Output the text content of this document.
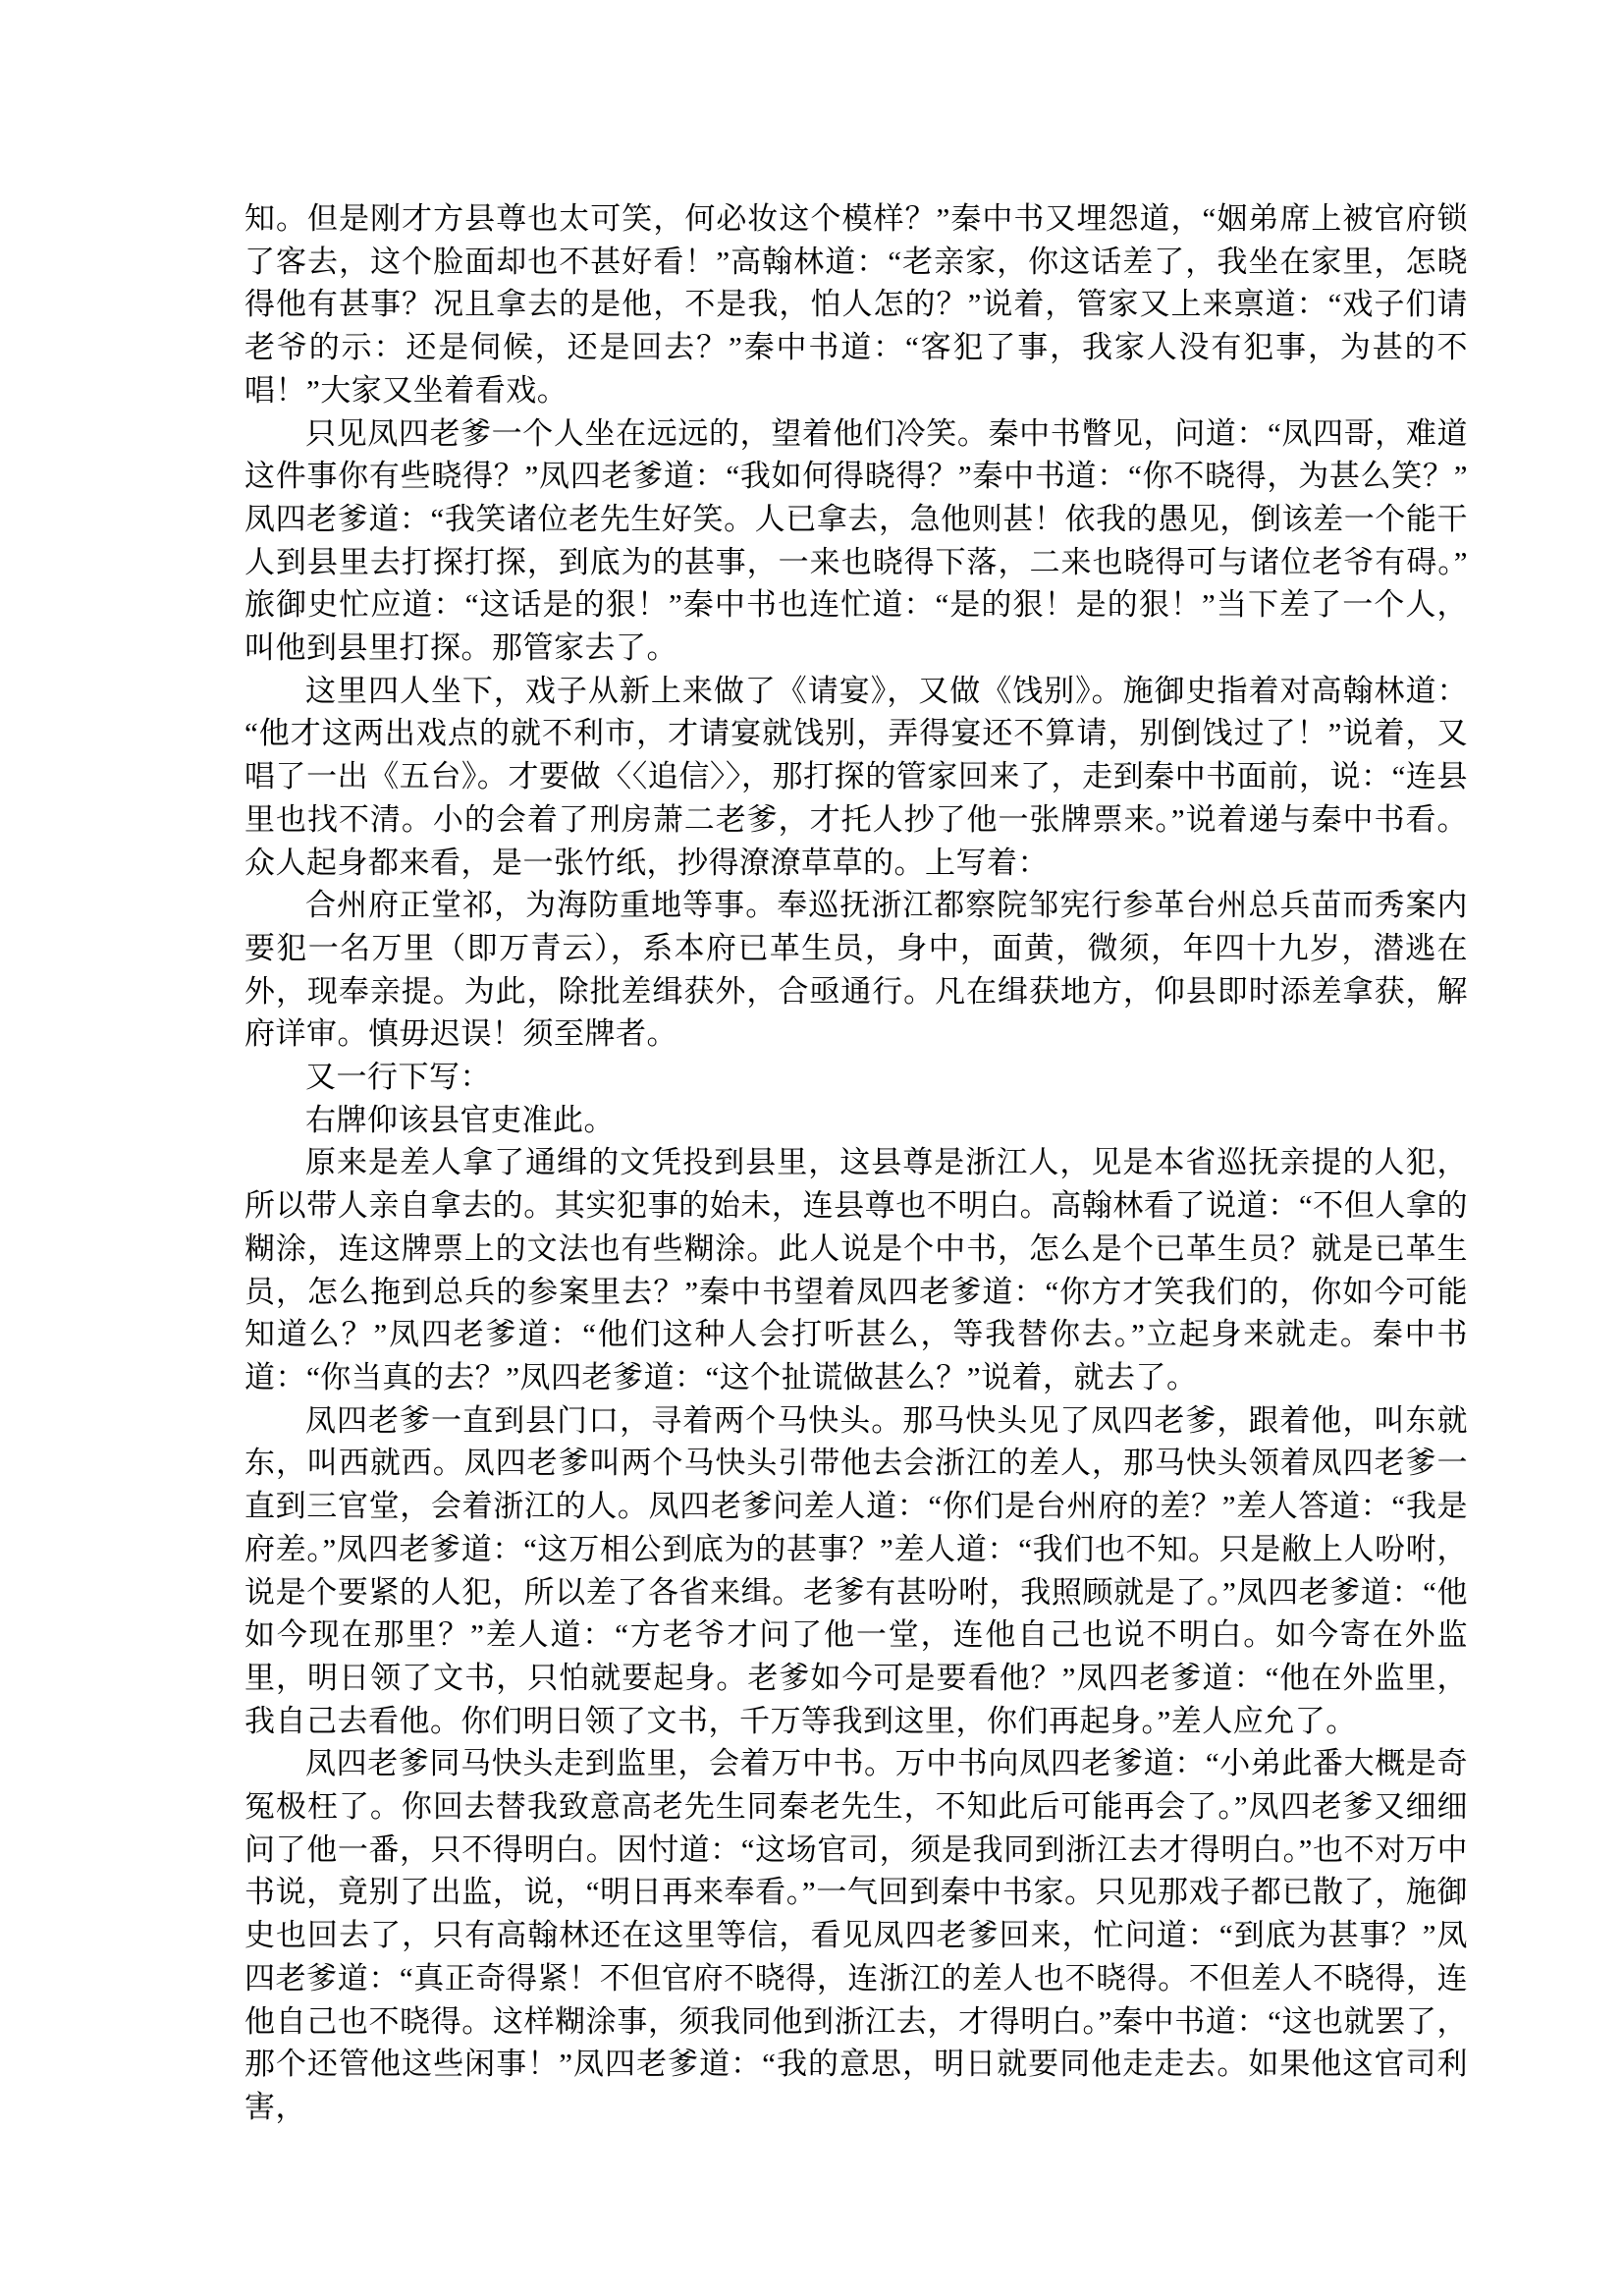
知。但是刚才方县尊也太可笑，何必妆这个模样？”秦中书又埋怨道，“姻弟席上被官府锁了客去，这个脸面却也不甚好看！”高翰林道：“老亲家，你这话差了，我坐在家里，怎晓得他有甚事？况且拿去的是他，不是我，怕人怎的？”说着，管家又上来禀道：“戏子们请老爷的示：还是伺候，还是回去？”秦中书道：“客犯了事，我家人没有犯事，为甚的不唱！”大家又坐着看戏。

只见凤四老爹一个人坐在远远的，望着他们冷笑。秦中书瞥见，问道：“凤四哥，难道这件事你有些晓得？”凤四老爹道：“我如何得晓得？”秦中书道：“你不晓得，为甚么笑？”凤四老爹道：“我笑诸位老先生好笑。人已拿去，急他则甚！依我的愚见，倒该差一个能干人到县里去打探打探，到底为的甚事，一来也晓得下落，二来也晓得可与诸位老爷有碍。”旅御史忙应道：“这话是的狠！”秦中书也连忙道：“是的狠！是的狠！”当下差了一个人，叫他到县里打探。那管家去了。

这里四人坐下，戏子从新上来做了《请宴》，又做《饯别》。施御史指着对高翰林道：“他才这两出戏点的就不利市，才请宴就饯别，弄得宴还不算请，别倒饯过了！”说着，又唱了一出《五台》。才要做〈〈追信〉〉，那打探的管家回来了，走到秦中书面前，说：“连县里也找不清。小的会着了刑房萧二老爹，才托人抄了他一张牌票来。”说着递与秦中书看。众人起身都来看，是一张竹纸，抄得潦潦草草的。上写着：

合州府正堂祁，为海防重地等事。奉巡抚浙江都察院邹宪行参革台州总兵苗而秀案内要犯一名万里（即万青云），系本府已革生员，身中，面黄，微须，年四十九岁，潜逃在外，现奉亲提。为此，除批差缉获外，合亟通行。凡在缉获地方，仰县即时添差拿获，解府详审。慎毋迟误！须至牌者。

又一行下写：

右牌仰该县官吏准此。

原来是差人拿了通缉的文凭投到县里，这县尊是浙江人，见是本省巡抚亲提的人犯，所以带人亲自拿去的。其实犯事的始未，连县尊也不明白。高翰林看了说道：“不但人拿的糊涂，连这牌票上的文法也有些糊涂。此人说是个中书，怎么是个已革生员？就是已革生员，怎么拖到总兵的参案里去？”秦中书望着凤四老爹道：“你方才笑我们的，你如今可能知道么？”凤四老爹道：“他们这种人会打听甚么，等我替你去。”立起身来就走。秦中书道：“你当真的去？”凤四老爹道：“这个扯谎做甚么？”说着，就去了。

凤四老爹一直到县门口，寻着两个马快头。那马快头见了凤四老爹，跟着他，叫东就东，叫西就西。凤四老爹叫两个马快头引带他去会浙江的差人，那马快头领着凤四老爹一直到三官堂，会着浙江的人。凤四老爹问差人道：“你们是台州府的差？”差人答道：“我是府差。”凤四老爹道：“这万相公到底为的甚事？”差人道：“我们也不知。只是敝上人吩咐，说是个要紧的人犯，所以差了各省来缉。老爹有甚吩咐，我照顾就是了。”凤四老爹道：“他如今现在那里？”差人道：“方老爷才问了他一堂，连他自己也说不明白。如今寄在外监里，明日领了文书，只怕就要起身。老爹如今可是要看他？”凤四老爹道：“他在外监里，我自己去看他。你们明日领了文书，千万等我到这里，你们再起身。”差人应允了。

凤四老爹同马快头走到监里，会着万中书。万中书向凤四老爹道：“小弟此番大概是奇冤极枉了。你回去替我致意高老先生同秦老先生，不知此后可能再会了。”凤四老爹又细细问了他一番，只不得明白。因忖道：“这场官司，须是我同到浙江去才得明白。”也不对万中书说，竟别了出监，说，“明日再来奉看。”一气回到秦中书家。只见那戏子都已散了，施御史也回去了，只有高翰林还在这里等信，看见凤四老爹回来，忙问道：“到底为甚事？”凤四老爹道：“真正奇得紧！不但官府不晓得，连浙江的差人也不晓得。不但差人不晓得，连他自己也不晓得。这样糊涂事，须我同他到浙江去，才得明白。”秦中书道：“这也就罢了，那个还管他这些闲事！”凤四老爹道：“我的意思，明日就要同他走走去。如果他这官司利害，
